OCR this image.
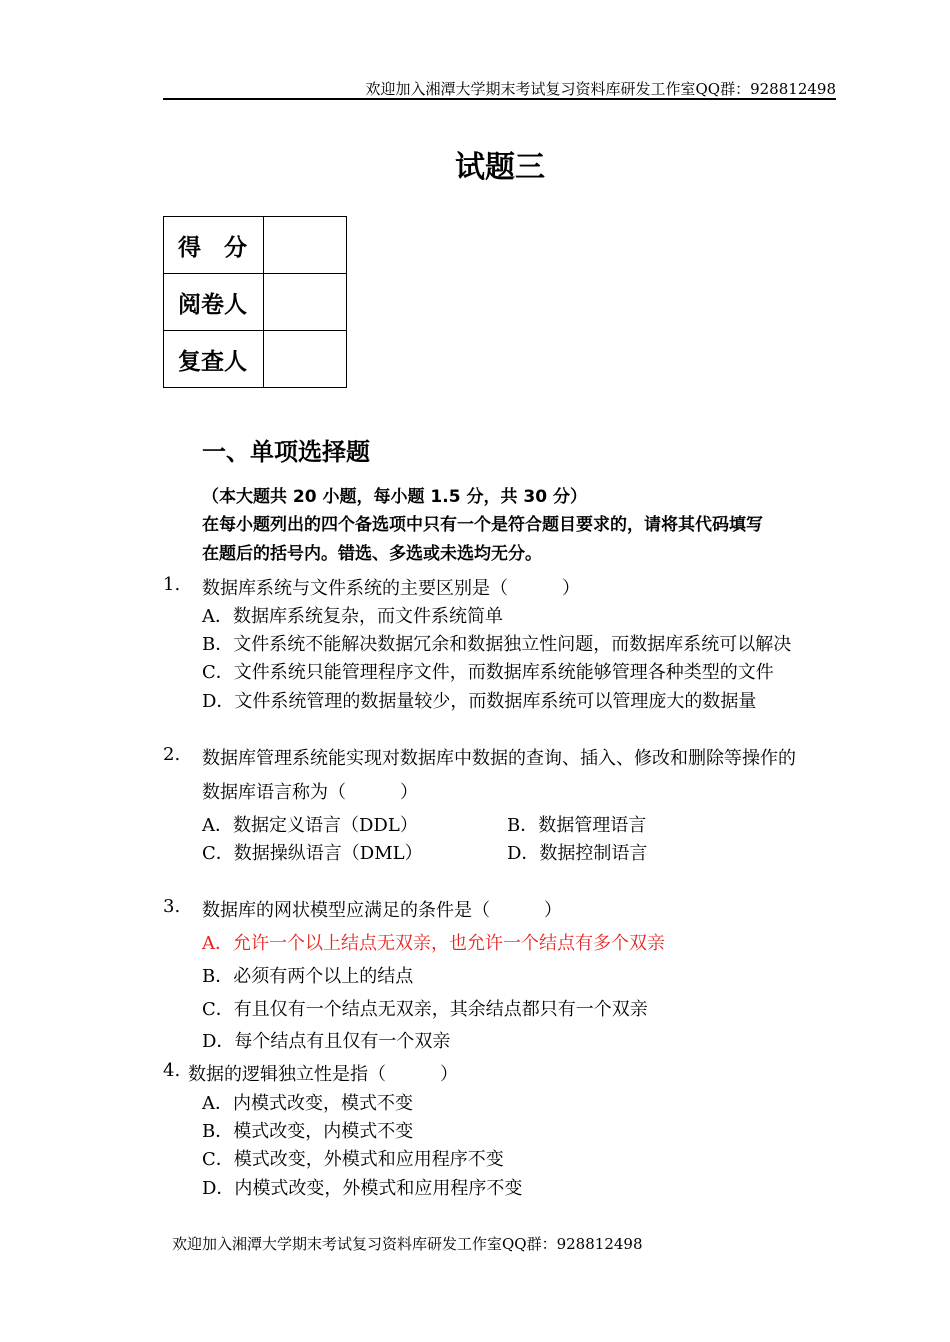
欢迎加入湘潭大学期末考试复习资料库研发工作室QQ群：928812498
试题三
得　分	
阅卷人	
复查人	
一、单项选择题
（本大题共 20 小题，每小题 1.5 分，共 30 分）
在每小题列出的四个备选项中只有一个是符合题目要求的，请将其代码填写
在题后的括号内。错选、多选或未选均无分。
1. 数据库系统与文件系统的主要区别是（　　　）
A．数据库系统复杂，而文件系统简单
B．文件系统不能解决数据冗余和数据独立性问题，而数据库系统可以解决
C．文件系统只能管理程序文件，而数据库系统能够管理各种类型的文件
D．文件系统管理的数据量较少，而数据库系统可以管理庞大的数据量
2. 数据库管理系统能实现对数据库中数据的查询、插入、修改和删除等操作的
数据库语言称为（　　　）
A．数据定义语言（DDL）	B．数据管理语言
C．数据操纵语言（DML）	D．数据控制语言
3. 数据库的网状模型应满足的条件是（　　　）
A．允许一个以上结点无双亲，也允许一个结点有多个双亲
B．必须有两个以上的结点
C．有且仅有一个结点无双亲，其余结点都只有一个双亲
D．每个结点有且仅有一个双亲
4. 数据的逻辑独立性是指（　　　）
A．内模式改变，模式不变
B．模式改变，内模式不变
C．模式改变，外模式和应用程序不变
D．内模式改变，外模式和应用程序不变
欢迎加入湘潭大学期末考试复习资料库研发工作室QQ群：928812498
